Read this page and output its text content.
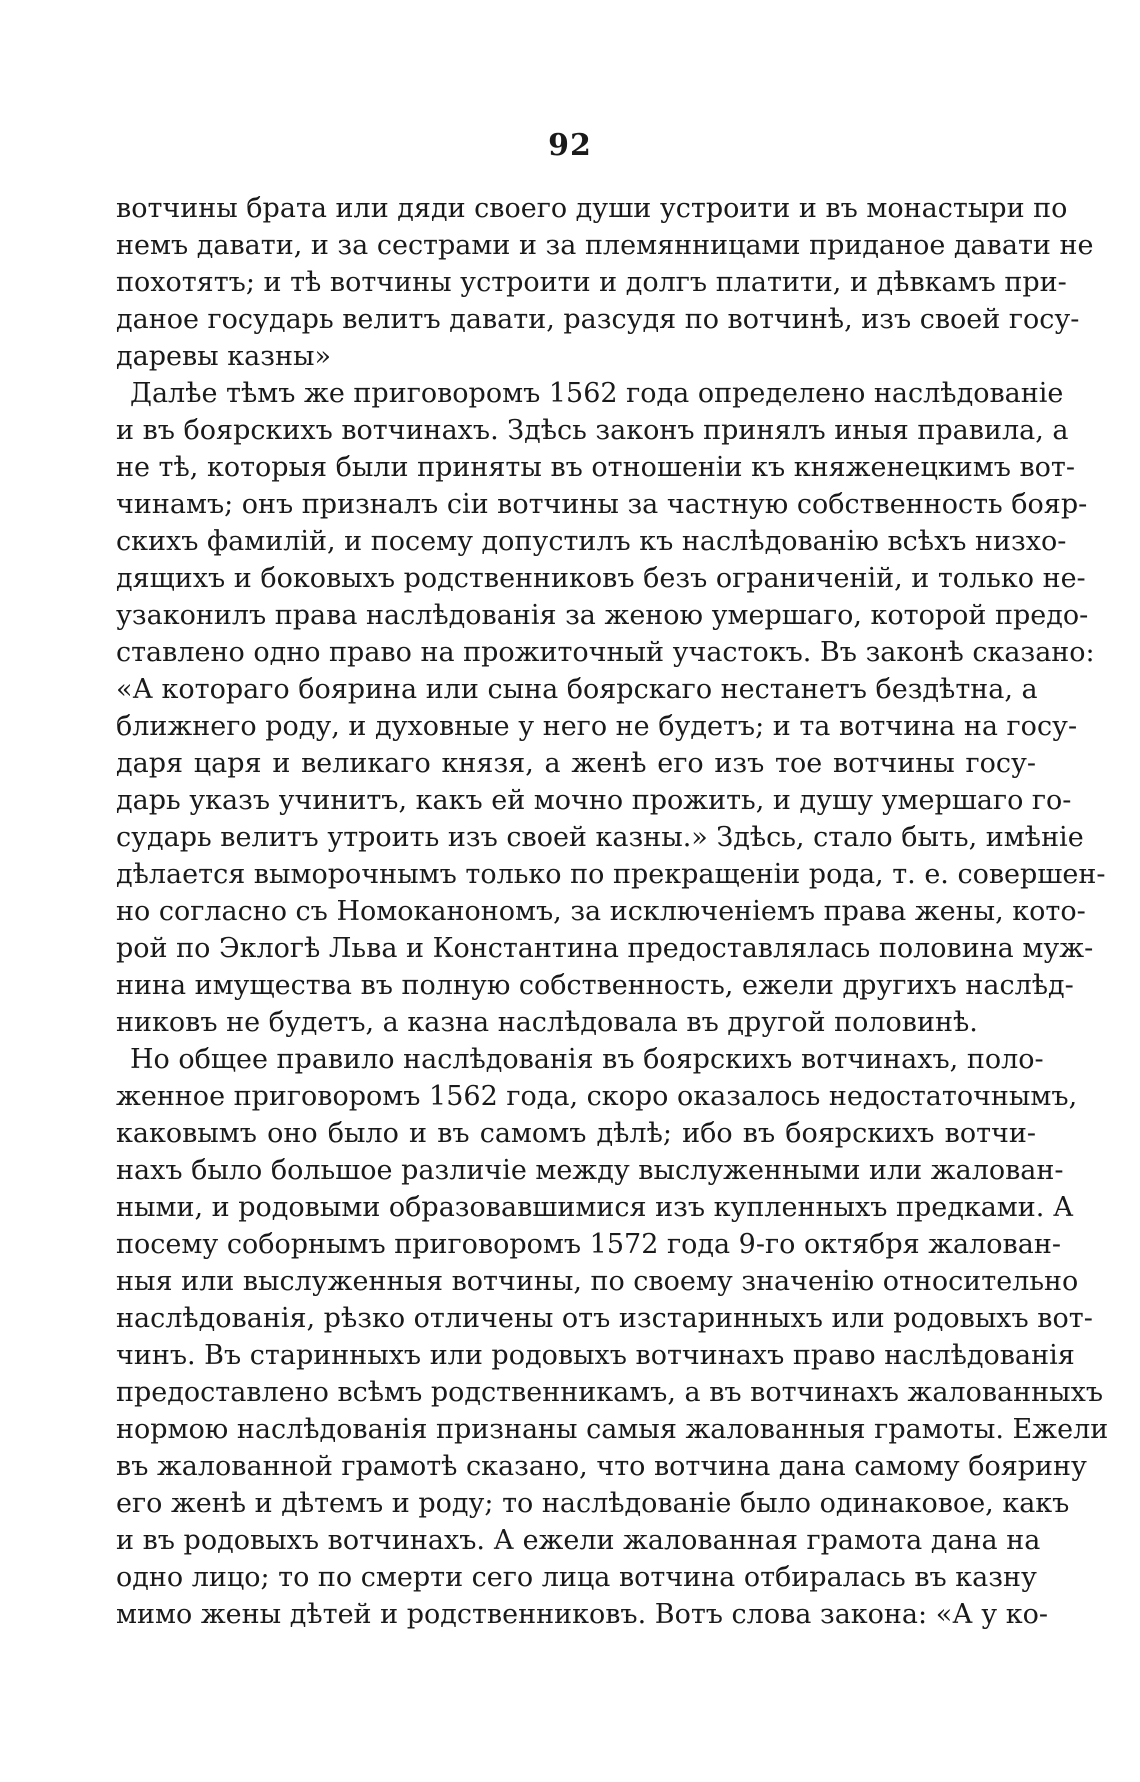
92
вотчины брата или дяди своего души устроити и въ монастыри по
немъ давати, и за сестрами и за племянницами приданое давати не
похотятъ; и тѣ вотчины устроити и долгъ платити, и дѣвкамъ при-
даное государь велитъ давати, разсудя по вотчинѣ, изъ своей госу-
даревы казны»
Далѣе тѣмъ же приговоромъ 1562 года определено наслѣдованіе
и въ боярскихъ вотчинахъ. Здѣсь законъ принялъ иныя правила, а
не тѣ, которыя были приняты въ отношеніи къ княженецкимъ вот-
чинамъ; онъ призналъ сіи вотчины за частную собственность бояр-
скихъ фамилій, и посему допустилъ къ наслѣдованію всѣхъ низхо-
дящихъ и боковыхъ родственниковъ безъ ограниченій, и только не-
узаконилъ права наслѣдованія за женою умершаго, которой предо-
ставлено одно право на прожиточный участокъ. Въ законѣ сказано:
«А котораго боярина или сына боярскаго нестанетъ бездѣтна, а
ближнего роду, и духовные у него не будетъ; и та вотчина на госу-
даря царя и великаго князя, а женѣ его изъ тое вотчины госу-
дарь указъ учинитъ, какъ ей мочно прожить, и душу умершаго го-
сударь велитъ утроить изъ своей казны.» Здѣсь, стало быть, имѣніе
дѣлается выморочнымъ только по прекращеніи рода, т. е. совершен-
но согласно съ Номоканономъ, за исключеніемъ права жены, кото-
рой по Эклогѣ Льва и Константина предоставлялась половина муж-
нина имущества въ полную собственность, ежели другихъ наслѣд-
никовъ не будетъ, а казна наслѣдовала въ другой половинѣ.
Но общее правило наслѣдованія въ боярскихъ вотчинахъ, поло-
женное приговоромъ 1562 года, скоро оказалось недостаточнымъ,
каковымъ оно было и въ самомъ дѣлѣ; ибо въ боярскихъ вотчи-
нахъ было большое различіе между выслуженными или жалован-
ными, и родовыми образовавшимися изъ купленныхъ предками. А
посему соборнымъ приговоромъ 1572 года 9-го октября жалован-
ныя или выслуженныя вотчины, по своему значенію относительно
наслѣдованія, рѣзко отличены отъ изстаринныхъ или родовыхъ вот-
чинъ. Въ старинныхъ или родовыхъ вотчинахъ право наслѣдованія
предоставлено всѣмъ родственникамъ, а въ вотчинахъ жалованныхъ
нормою наслѣдованія признаны самыя жалованныя грамоты. Ежели
въ жалованной грамотѣ сказано, что вотчина дана самому боярину
его женѣ и дѣтемъ и роду; то наслѣдованіе было одинаковое, какъ
и въ родовыхъ вотчинахъ. А ежели жалованная грамота дана на
одно лицо; то по смерти сего лица вотчина отбиралась въ казну
мимо жены дѣтей и родственниковъ. Вотъ слова закона: «А у ко-
